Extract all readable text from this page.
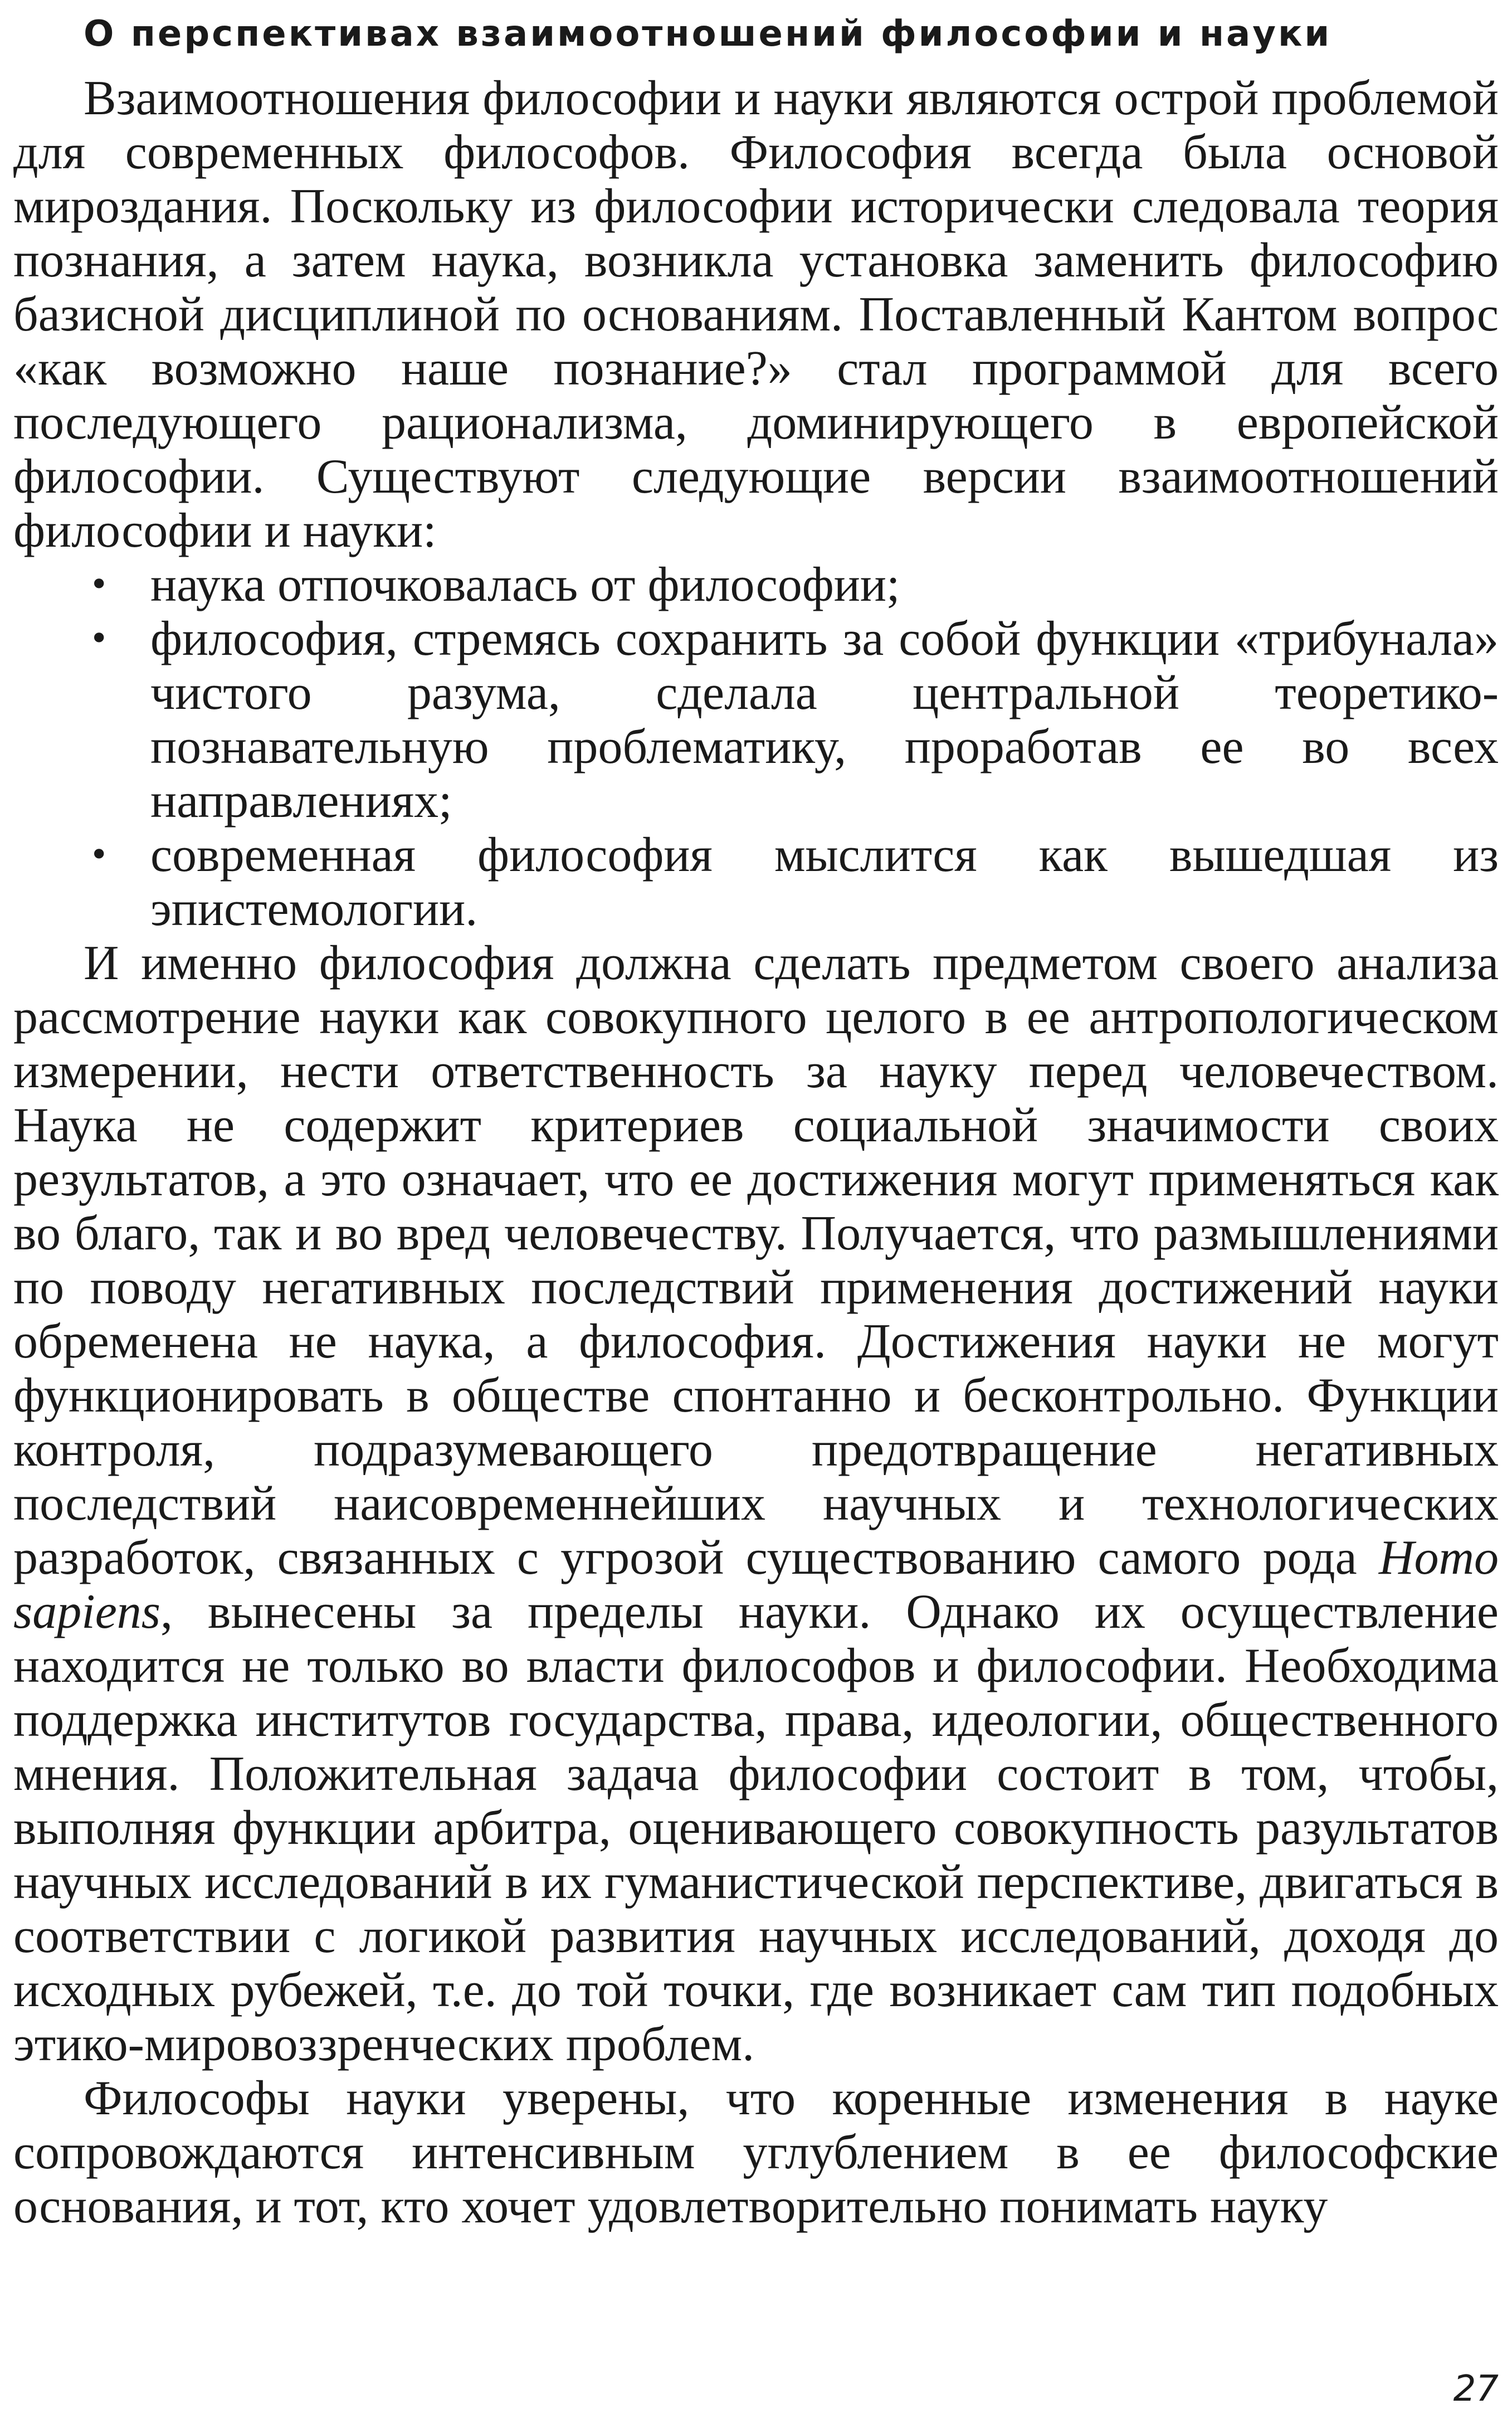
О перспективах взаимоотношений философии и науки

Взаимоотношения философии и науки являются острой проблемой для современных философов. Философия всегда была основой мироздания. Поскольку из философии исторически следовала теория познания, а затем наука, возникла установка заменить философию базисной дисциплиной по основаниям. Поставленный Кантом вопрос «как возможно наше познание?» стал программой для всего последующего рационализма, доминирующего в европейской философии. Существуют следующие версии взаимоотношений философии и науки:

• наука отпочковалась от философии;
• философия, стремясь сохранить за собой функции «трибунала» чистого разума, сделала центральной теоретико-познавательную проблематику, проработав ее во всех направлениях;
• современная философия мыслится как вышедшая из эпистемологии.

И именно философия должна сделать предметом своего анализа рассмотрение науки как совокупного целого в ее антропологическом измерении, нести ответственность за науку перед человечеством. Наука не содержит критериев социальной значимости своих результатов, а это означает, что ее достижения могут применяться как во благо, так и во вред человечеству. Получается, что размышлениями по поводу негативных последствий применения достижений науки обременена не наука, а философия. Достижения науки не могут функционировать в обществе спонтанно и бесконтрольно. Функции контроля, подразумевающего предотвращение негативных последствий наисовременнейших научных и технологических разработок, связанных с угрозой существованию самого рода Homo sapiens, вынесены за пределы науки. Однако их осуществление находится не только во власти философов и философии. Необходима поддержка институтов государства, права, идеологии, общественного мнения. Положительная задача философии состоит в том, чтобы, выполняя функции арбитра, оценивающего совокупность разультатов научных исследований в их гуманистической перспективе, двигаться в соответствии с логикой развития научных исследований, доходя до исходных рубежей, т.е. до той точки, где возникает сам тип подобных этико-мировоззренческих проблем.

Философы науки уверены, что коренные изменения в науке сопровождаются интенсивным углублением в ее философские основания, и тот, кто хочет удовлетворительно понимать науку

27
